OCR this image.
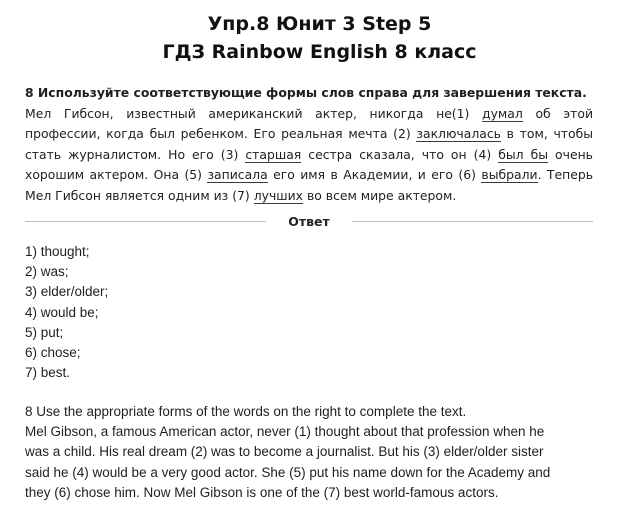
Упр.8 Юнит 3 Step 5
ГДЗ Rainbow English 8 класс

8 Используйте соответствующие формы слов справа для завершения текста.
Мел Гибсон, известный американский актер, никогда не(1) думал об этой профессии, когда был ребенком. Его реальная мечта (2) заключалась в том, чтобы стать журналистом. Но его (3) старшая сестра сказала, что он (4) был бы очень хорошим актером. Она (5) записала его имя в Академии, и его (6) выбрали. Теперь Мел Гибсон является одним из (7) лучших во всем мире актером.

Ответ
1) thought;
2) was;
3) elder/older;
4) would be;
5) put;
6) chose;
7) best.

8 Use the appropriate forms of the words on the right to complete the text.
Mel Gibson, a famous American actor, never (1) thought about that profession when he
was a child. His real dream (2) was to become a journalist. But his (3) elder/older sister
said he (4) would be a very good actor. She (5) put his name down for the Academy and
they (6) chose him. Now Mel Gibson is one of the (7) best world-famous actors.
